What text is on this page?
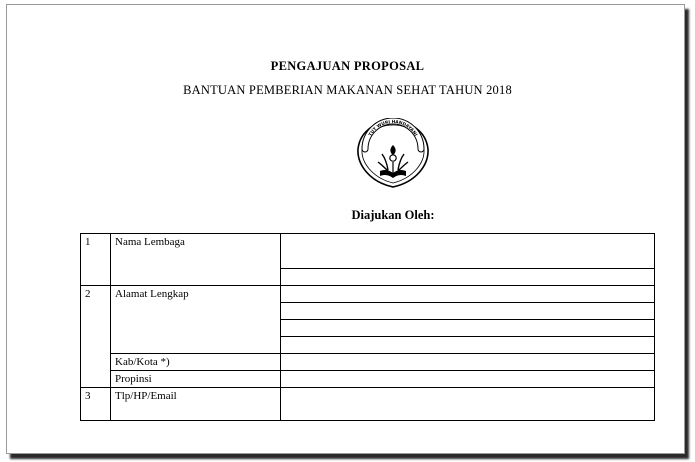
PENGAJUAN PROPOSAL
BANTUAN PEMBERIAN MAKANAN SEHAT TAHUN 2018
TUT WURI HANDAYANI
Diajukan Oleh:
1	Nama Lembaga	

2	Alamat Lengkap	

	Kab/Kota *)	

	Propinsi	

3	Tlp/HP/Email	
